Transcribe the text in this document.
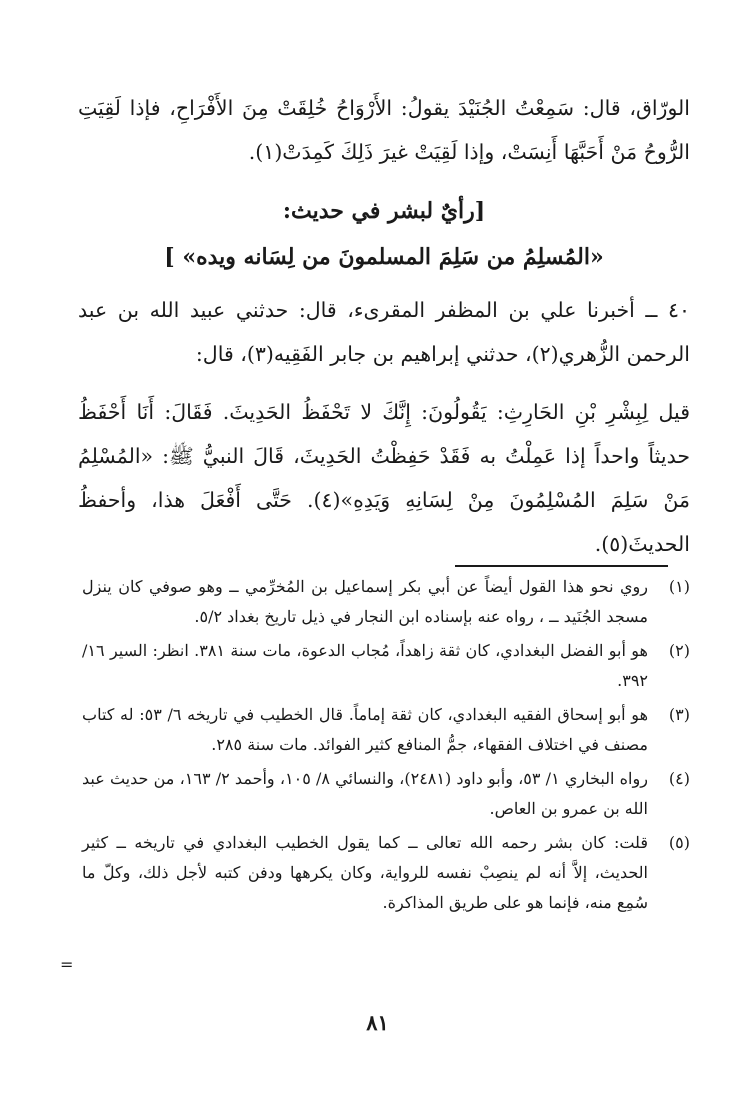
الورّاق، قال: سَمِعْتُ الجُنَيْدَ يقولُ: الأَرْوَاحُ خُلِقَتْ مِنَ الأَفْرَاحِ، فإذا لَقِيَتِ الرُّوحُ مَنْ أَحَبَّهَا أَنِسَتْ، وإذا لَقِيَتْ غيرَ ذَلِكَ كَمِدَتْ(١).

[رأيٌ لبشر في حديث:

«المُسلِمُ من سَلِمَ المسلمونَ من لِسَانه ويده» ]

٤٠ ــ أخبرنا علي بن المظفر المقرىء، قال: حدثني عبيد الله بن عبد الرحمن الزُّهري(٢)، حدثني إبراهيم بن جابر الفَقِيه(٣)، قال:

قيل لِبِشْرِ بْنِ الحَارِثِ: يَقُولُونَ: إِنَّكَ لا تَحْفَظُ الحَدِيثَ. فَقَالَ: أَنَا أَحْفَظُ حديثاً واحداً إذا عَمِلْتُ به فَقَدْ حَفِظْتُ الحَدِيثَ، قَالَ النبيُّ ﷺ: «المُسْلِمُ مَنْ سَلِمَ المُسْلِمُونَ مِنْ لِسَانِهِ وَيَدِهِ»(٤). حَتَّى أَفْعَلَ هذا، وأحفظُ الحديثَ(٥).

(١)
روي نحو هذا القول أيضاً عن أبي بكر إسماعيل بن المُخرِّمي ــ وهو صوفي كان ينزل مسجد الجُنَيد ــ ، رواه عنه بإسناده ابن النجار في ذيل تاريخ بغداد ٥/٢.
(٢)
هو أبو الفضل البغدادي، كان ثقة زاهداً، مُجاب الدعوة، مات سنة ٣٨١. انظر: السير ١٦/ ٣٩٢.
(٣)
هو أبو إسحاق الفقيه البغدادي، كان ثقة إماماً. قال الخطيب في تاريخه ٦/ ٥٣: له كتاب مصنف في اختلاف الفقهاء، جمُّ المنافع كثير الفوائد. مات سنة ٢٨٥.
(٤)
رواه البخاري ١/ ٥٣، وأبو داود (٢٤٨١)، والنسائي ٨/ ١٠٥، وأحمد ٢/ ١٦٣، من حديث عبد الله بن عمرو بن العاص.
(٥)
قلت: كان بشر رحمه الله تعالى ــ كما يقول الخطيب البغدادي في تاريخه ــ كثير الحديث، إلاَّ أنه لم ينصِبْ نفسه للرواية، وكان يكرهها ودفن كتبه لأجل ذلك، وكلّ ما سُمِع منه، فإنما هو على طريق المذاكرة.
=
٨١
